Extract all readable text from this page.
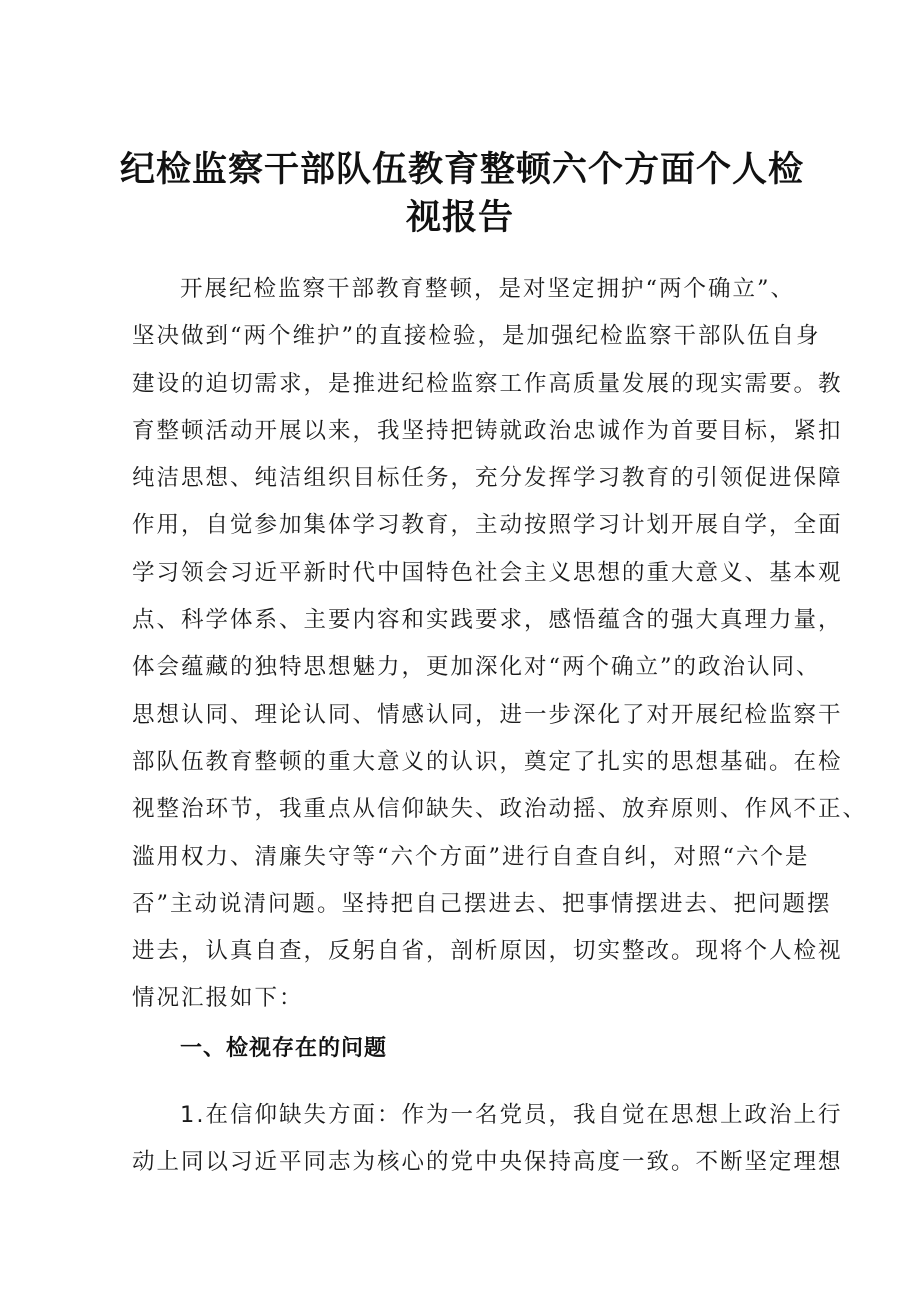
纪检监察干部队伍教育整顿六个方面个人检
视报告
开展纪检监察干部教育整顿，是对坚定拥护“两个确立”、
坚决做到“两个维护”的直接检验，是加强纪检监察干部队伍自身
建设的迫切需求，是推进纪检监察工作高质量发展的现实需要。教
育整顿活动开展以来，我坚持把铸就政治忠诚作为首要目标，紧扣
纯洁思想、纯洁组织目标任务，充分发挥学习教育的引领促进保障
作用，自觉参加集体学习教育，主动按照学习计划开展自学，全面
学习领会习近平新时代中国特色社会主义思想的重大意义、基本观
点、科学体系、主要内容和实践要求，感悟蕴含的强大真理力量，
体会蕴藏的独特思想魅力，更加深化对“两个确立”的政治认同、
思想认同、理论认同、情感认同，进一步深化了对开展纪检监察干
部队伍教育整顿的重大意义的认识，奠定了扎实的思想基础。在检
视整治环节，我重点从信仰缺失、政治动摇、放弃原则、作风不正、
滥用权力、清廉失守等“六个方面”进行自查自纠，对照“六个是
否”主动说清问题。坚持把自己摆进去、把事情摆进去、把问题摆
进去，认真自查，反躬自省，剖析原因，切实整改。现将个人检视
情况汇报如下：
一、检视存在的问题
1.在信仰缺失方面：作为一名党员，我自觉在思想上政治上行
动上同以习近平同志为核心的党中央保持高度一致。不断坚定理想
